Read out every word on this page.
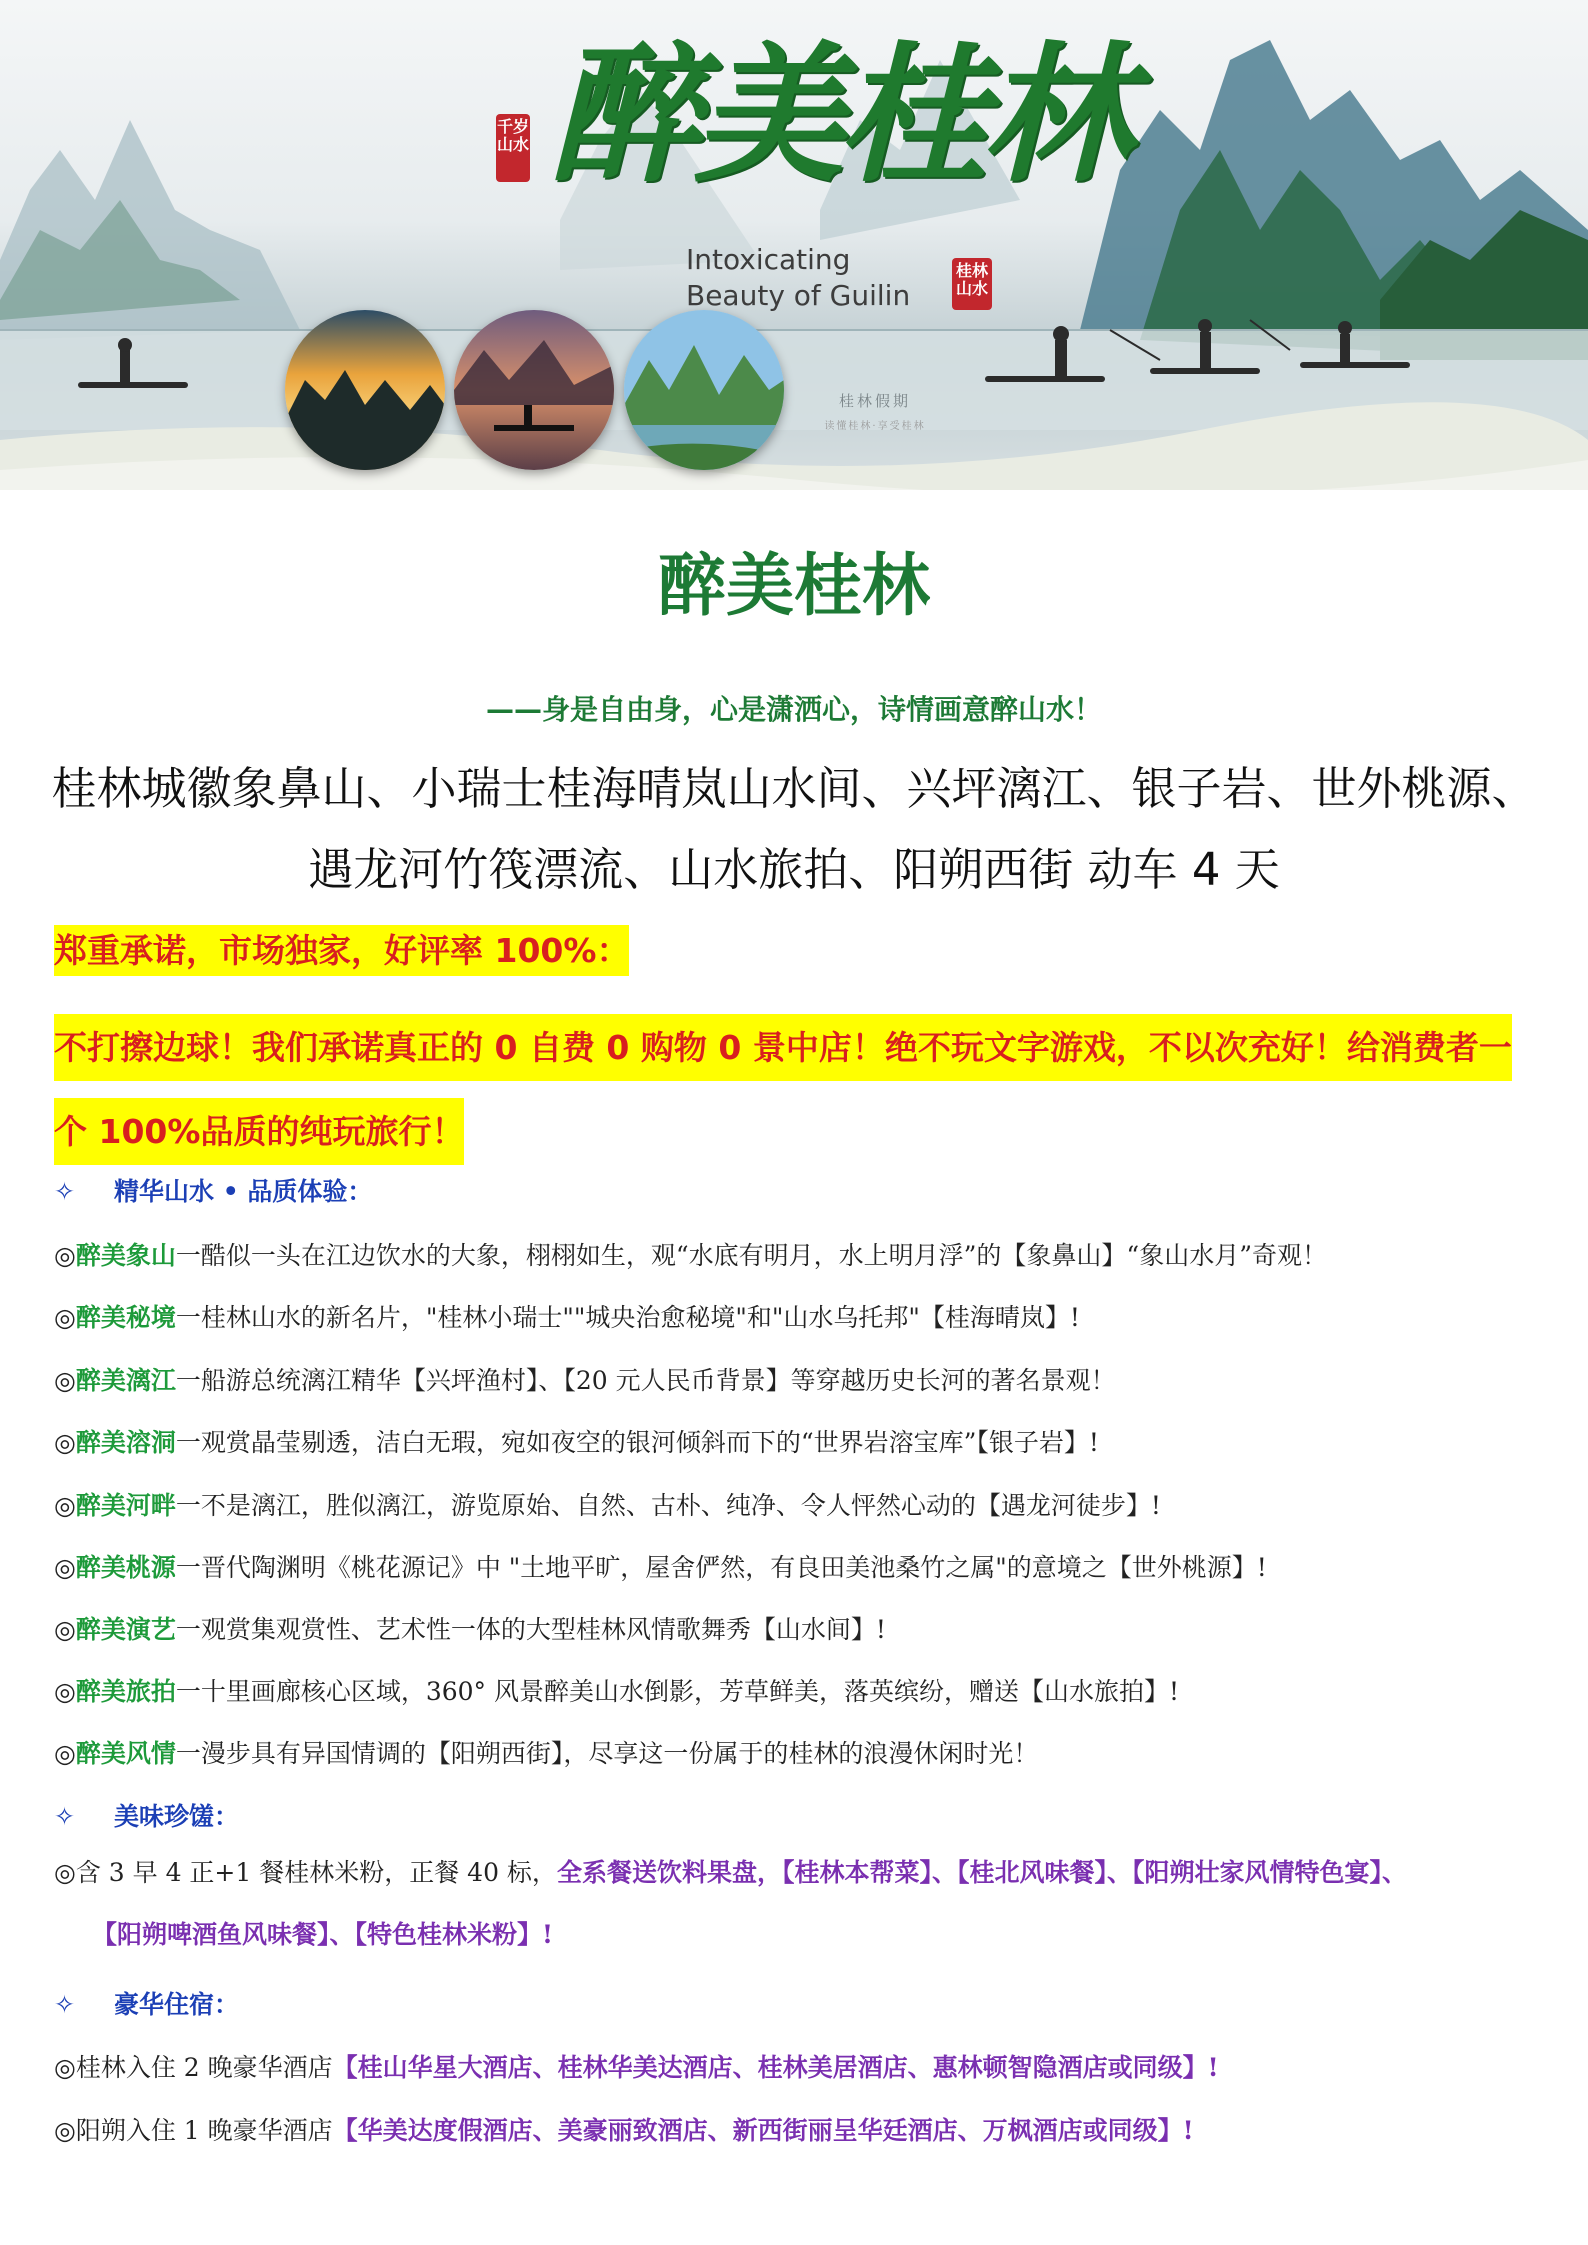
千岁山水 醉美桂林
Intoxicating
Beauty of Guilin
桂林山水
桂林假期
读懂桂林·享受桂林
醉美桂林
——身是自由身，心是潇洒心，诗情画意醉山水！
桂林城徽象鼻山、小瑞士桂海晴岚山水间、兴坪漓江、银子岩、世外桃源、遇龙河竹筏漂流、山水旅拍、阳朔西街 动车 4 天

郑重承诺，市场独家，好评率 100%：

不打擦边球！我们承诺真正的 0 自费 0 购物 0 景中店！绝不玩文字游戏，不以次充好！给消费者一个 100%品质的纯玩旅行！

✧ 精华山水 • 品质体验：
◎醉美象山一酷似一头在江边饮水的大象，栩栩如生，观“水底有明月，水上明月浮”的【象鼻山】“象山水月”奇观！
◎醉美秘境一桂林山水的新名片，"桂林小瑞士""城央治愈秘境"和"山水乌托邦"【桂海晴岚】!
◎醉美漓江一船游总统漓江精华【兴坪渔村】、【20 元人民币背景】等穿越历史长河的著名景观！
◎醉美溶洞一观赏晶莹剔透，洁白无瑕，宛如夜空的银河倾斜而下的“世界岩溶宝库”【银子岩】!
◎醉美河畔一不是漓江，胜似漓江，游览原始、自然、古朴、纯净、令人怦然心动的【遇龙河徒步】!
◎醉美桃源一晋代陶渊明《桃花源记》中 "土地平旷，屋舍俨然，有良田美池桑竹之属"的意境之【世外桃源】!
◎醉美演艺一观赏集观赏性、艺术性一体的大型桂林风情歌舞秀【山水间】!
◎醉美旅拍一十里画廊核心区域，360° 风景醉美山水倒影，芳草鲜美，落英缤纷，赠送【山水旅拍】!
◎醉美风情一漫步具有异国情调的【阳朔西街】，尽享这一份属于的桂林的浪漫休闲时光！
✧ 美味珍馐：
◎含 3 早 4 正+1 餐桂林米粉，正餐 40 标，全系餐送饮料果盘，【桂林本帮菜】、【桂北风味餐】、【阳朔壮家风情特色宴】、
【阳朔啤酒鱼风味餐】、【特色桂林米粉】!
✧ 豪华住宿：
◎桂林入住 2 晚豪华酒店【桂山华星大酒店、桂林华美达酒店、桂林美居酒店、惠林顿智隐酒店或同级】!
◎阳朔入住 1 晚豪华酒店【华美达度假酒店、美豪丽致酒店、新西街丽呈华廷酒店、万枫酒店或同级】!
